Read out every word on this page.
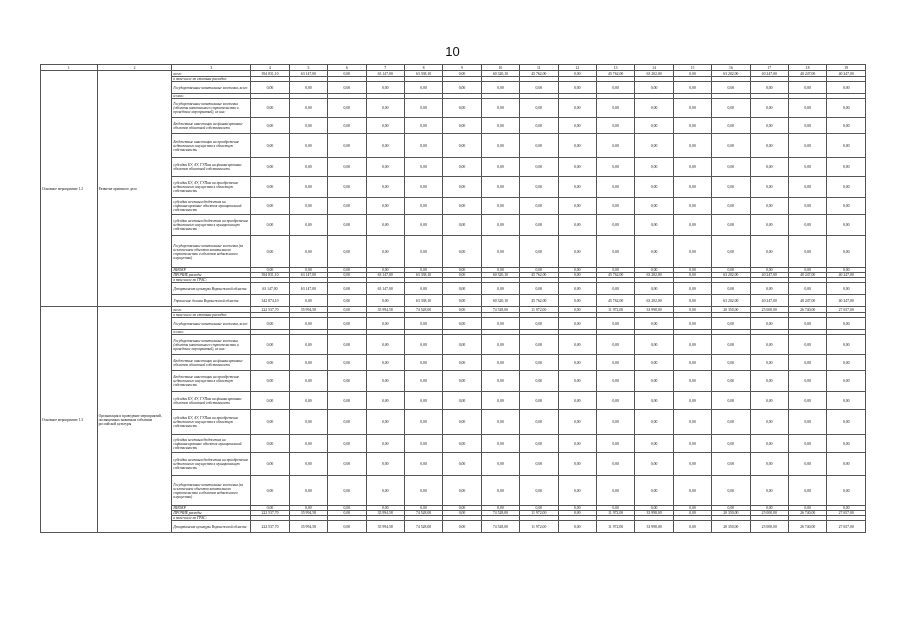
10
1	2	3	4	5	6	7	8	9	10	11	12	13	14	15	16	17	18	19
Основное мероприятие 1.2	Развитие архивного дела	всего	394 831,10	63 147,00	0,00	63 147,00	63 338,10	0,00	60 320,10	45 762,00	0,00	45 762,00	63 202,00	0,00	63 202,00	40 247,00	40 247,00	40 247,00
		в том числе по статьям расходов:																
		Государственные капитальные вложения, всего	0,00	0,00	0,00	0,00	0,00	0,00	0,00	0,00	0,00	0,00	0,00	0,00	0,00	0,00	0,00	0,00
		из них:																
		Государственные капитальные вложения (объекты капитального строительства и проведение мероприятий), из них:	0,00	0,00	0,00	0,00	0,00	0,00	0,00	0,00	0,00	0,00	0,00	0,00	0,00	0,00	0,00	0,00
		Бюджетные инвестиции на финансирование объектов областной собственности	0,00	0,00	0,00	0,00	0,00	0,00	0,00	0,00	0,00	0,00	0,00	0,00	0,00	0,00	0,00	0,00
		Бюджетные инвестиции на приобретение недвижимого имущества в областную собственность	0,00	0,00	0,00	0,00	0,00	0,00	0,00	0,00	0,00	0,00	0,00	0,00	0,00	0,00	0,00	0,00
		субсидии БУ, АУ, ГУПам на финансирование объектов областной собственности	0,00	0,00	0,00	0,00	0,00	0,00	0,00	0,00	0,00	0,00	0,00	0,00	0,00	0,00	0,00	0,00
		субсидии БУ, АУ, ГУПам на приобретение недвижимого имущества в областную собственность	0,00	0,00	0,00	0,00	0,00	0,00	0,00	0,00	0,00	0,00	0,00	0,00	0,00	0,00	0,00	0,00
		субсидии местным бюджетам на софинансирование объектов муниципальной собственности	0,00	0,00	0,00	0,00	0,00	0,00	0,00	0,00	0,00	0,00	0,00	0,00	0,00	0,00	0,00	0,00
		субсидии местным бюджетам на приобретение недвижимого имущества в муниципальную собственность	0,00	0,00	0,00	0,00	0,00	0,00	0,00	0,00	0,00	0,00	0,00	0,00	0,00	0,00	0,00	0,00
		Государственные капитальные вложения (за исключением объектов капитального строительства и объектов недвижимого имущества)	0,00	0,00	0,00	0,00	0,00	0,00	0,00	0,00	0,00	0,00	0,00	0,00	0,00	0,00	0,00	0,00
		НИОКР	0,00	0,00	0,00	0,00	0,00	0,00	0,00	0,00	0,00	0,00	0,00	0,00	0,00	0,00	0,00	0,00
		ПРОЧИЕ расходы	394 831,10	63 147,00	0,00	63 147,00	63 338,10	0,00	60 320,10	45 762,00	0,00	45 762,00	63 202,00	0,00	63 202,00	40 247,00	40 247,00	40 247,00
		в том числе по ГРБС:																
		Департамент культуры Воронежской области	63 147,00	63 147,00	0,00	63 147,00	0,00	0,00	0,00	0,00	0,00	0,00	0,00	0,00	0,00	0,00	0,00	0,00
		Управление делами Воронежской области	342 874,10	0,00	0,00	0,00	63 338,10	0,00	60 320,10	45 762,00	0,00	45 762,00	63 202,00	0,00	63 202,00	40 247,00	40 247,00	40 247,00
Основное мероприятие 1.3	Организация и проведение мероприятий, посвященных значимым событиям российской культуры	всего	222 537,70	35 994,58	0,00	35 994,58	74 528,00	0,00	74 528,00	11 972,00	0,00	11 972,00	33 998,00	0,00	20 350,00	25 000,00	26 740,00	27 657,00
		в том числе по статьям расходов:																
		Государственные капитальные вложения, всего	0,00	0,00	0,00	0,00	0,00	0,00	0,00	0,00	0,00	0,00	0,00	0,00	0,00	0,00	0,00	0,00
		из них:																
		Государственные капитальные вложения (объекты капитального строительства и проведение мероприятий), из них:	0,00	0,00	0,00	0,00	0,00	0,00	0,00	0,00	0,00	0,00	0,00	0,00	0,00	0,00	0,00	0,00
		Бюджетные инвестиции на финансирование объектов областной собственности	0,00	0,00	0,00	0,00	0,00	0,00	0,00	0,00	0,00	0,00	0,00	0,00	0,00	0,00	0,00	0,00
		Бюджетные инвестиции на приобретение недвижимого имущества в областную собственность	0,00	0,00	0,00	0,00	0,00	0,00	0,00	0,00	0,00	0,00	0,00	0,00	0,00	0,00	0,00	0,00
		субсидии БУ, АУ, ГУПам на финансирование объектов областной собственности	0,00	0,00	0,00	0,00	0,00	0,00	0,00	0,00	0,00	0,00	0,00	0,00	0,00	0,00	0,00	0,00
		субсидии БУ, АУ, ГУПам на приобретение недвижимого имущества в областную собственность	0,00	0,00	0,00	0,00	0,00	0,00	0,00	0,00	0,00	0,00	0,00	0,00	0,00	0,00	0,00	0,00
		субсидии местным бюджетам на софинансирование объектов муниципальной собственности	0,00	0,00	0,00	0,00	0,00	0,00	0,00	0,00	0,00	0,00	0,00	0,00	0,00	0,00	0,00	0,00
		субсидии местным бюджетам на приобретение недвижимого имущества в муниципальную собственность	0,00	0,00	0,00	0,00	0,00	0,00	0,00	0,00	0,00	0,00	0,00	0,00	0,00	0,00	0,00	0,00
		Государственные капитальные вложения (за исключением объектов капитального строительства и объектов недвижимого имущества)	0,00	0,00	0,00	0,00	0,00	0,00	0,00	0,00	0,00	0,00	0,00	0,00	0,00	0,00	0,00	0,00
		НИОКР	0,00	0,00	0,00	0,00	0,00	0,00	0,00	0,00	0,00	0,00	0,00	0,00	0,00	0,00	0,00	0,00
		ПРОЧИЕ расходы	222 537,70	35 994,58	0,00	35 994,58	74 528,00	0,00	74 528,00	11 972,00	0,00	11 972,00	33 998,00	0,00	20 350,00	25 000,00	26 740,00	27 657,00
		в том числе по ГРБС:																
		Департамент культуры Воронежской области	222 537,70	35 994,58	0,00	35 994,58	74 528,00	0,00	74 528,00	11 972,00	0,00	11 972,00	33 998,00	0,00	20 350,00	25 000,00	26 740,00	27 657,00
